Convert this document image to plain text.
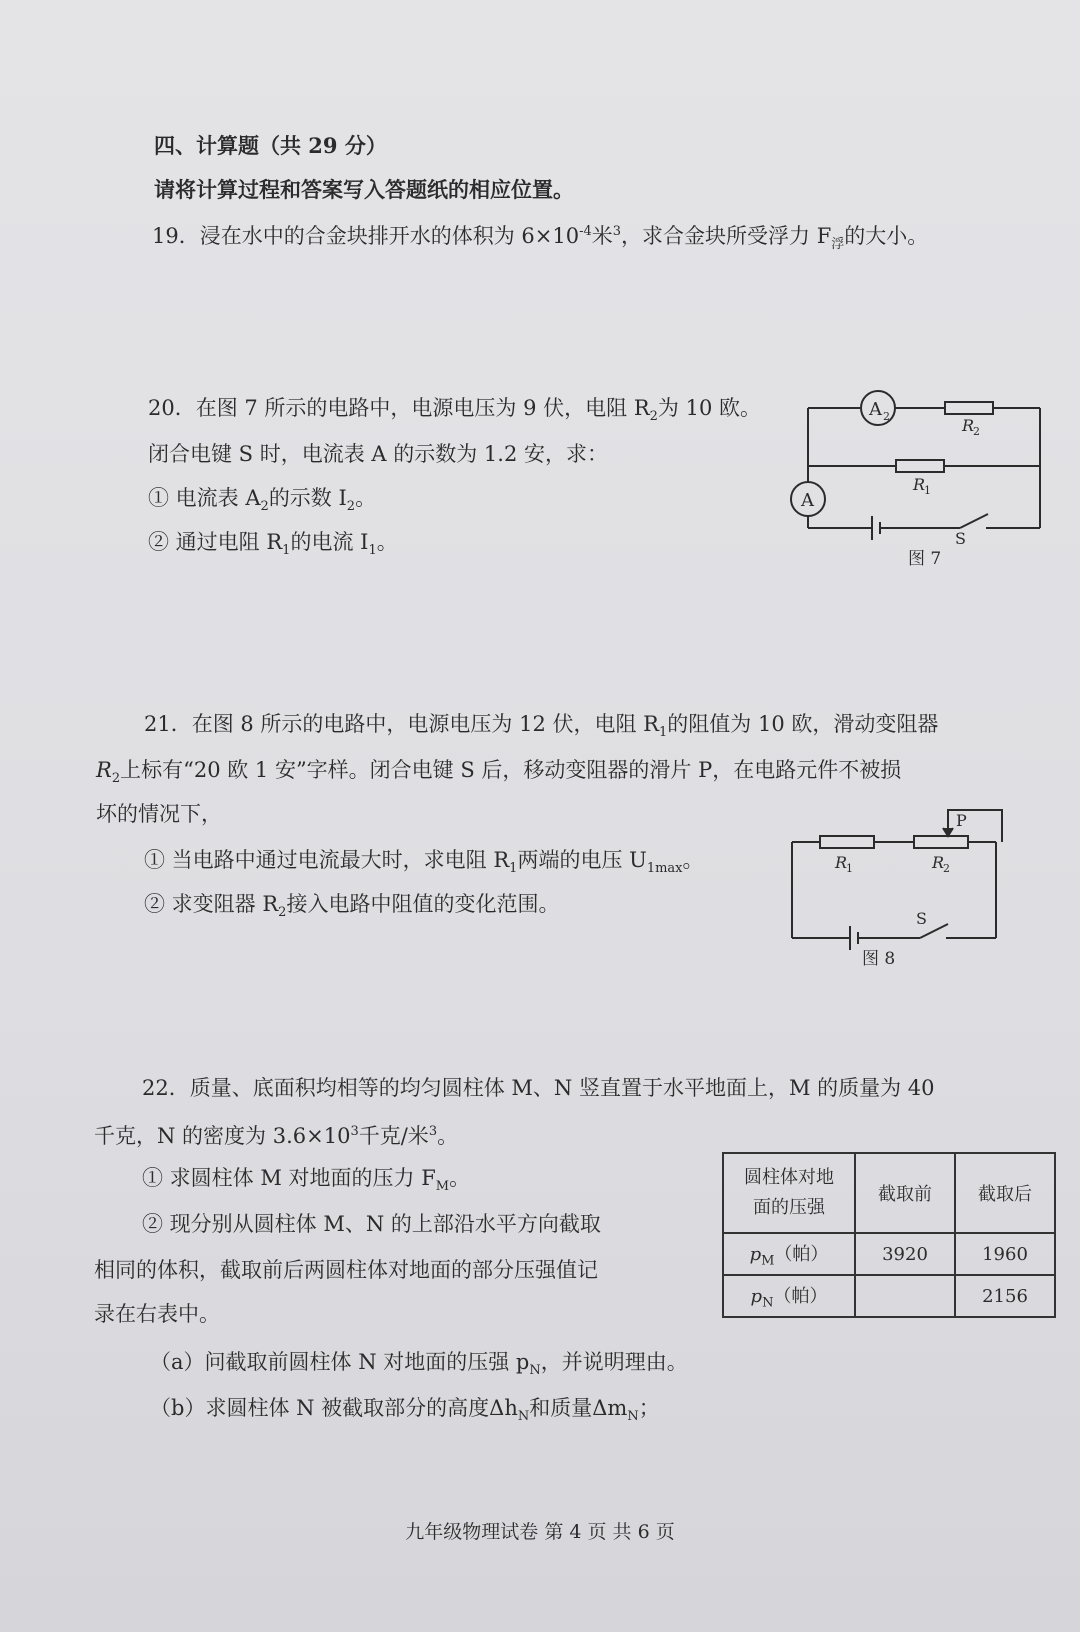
四、计算题（共 29 分）
请将计算过程和答案写入答题纸的相应位置。
19．浸在水中的合金块排开水的体积为 $6\times 10^{-4}$米$^3$，求合金块所受浮力 $F_浮$的大小。
20．在图 7 所示的电路中，电源电压为 9 伏，电阻 $R_2$为 10 欧。
闭合电键 S 时，电流表 A 的示数为 1.2 安，求：
① 电流表 $A_2$的示数 $I_2$。
② 通过电阻 $R_1$的电流 $I_1$。
A 2	R
2
R
1
A
S
图 7
21．在图 8 所示的电路中，电源电压为 12 伏，电阻 $R_1$的阻值为 10 欧，滑动变阻器
$R_2$上标有“20 欧 1 安”字样。闭合电键 S 后，移动变阻器的滑片 P，在电路元件不被损
坏的情况下，
① 当电路中通过电流最大时，求电阻 $R_1$两端的电压 $U_{1max}$。
② 求变阻器 $R_2$接入电路中阻值的变化范围。
P
R
1	R
2
S
图 8
22．质量、底面积均相等的均匀圆柱体 M、N 竖直置于水平地面上，M 的质量为 40
千克，N 的密度为 $3.6\times 10^3$千克/米$^3$。
① 求圆柱体 M 对地面的压力 $F_M$。
② 现分别从圆柱体 M、N 的上部沿水平方向截取
相同的体积，截取前后两圆柱体对地面的部分压强值记
录在右表中。
（a）问截取前圆柱体 N 对地面的压强 $p_N$，并说明理由。
（b）求圆柱体 N 被截取部分的高度$\Delta h_N$和质量$\Delta m_N$；
圆柱体对地
面的压强	截取前	截取后
$p_M$（帕）	3920	1960
$p_N$（帕）		2156
九年级物理试卷 第 4 页 共 6 页
